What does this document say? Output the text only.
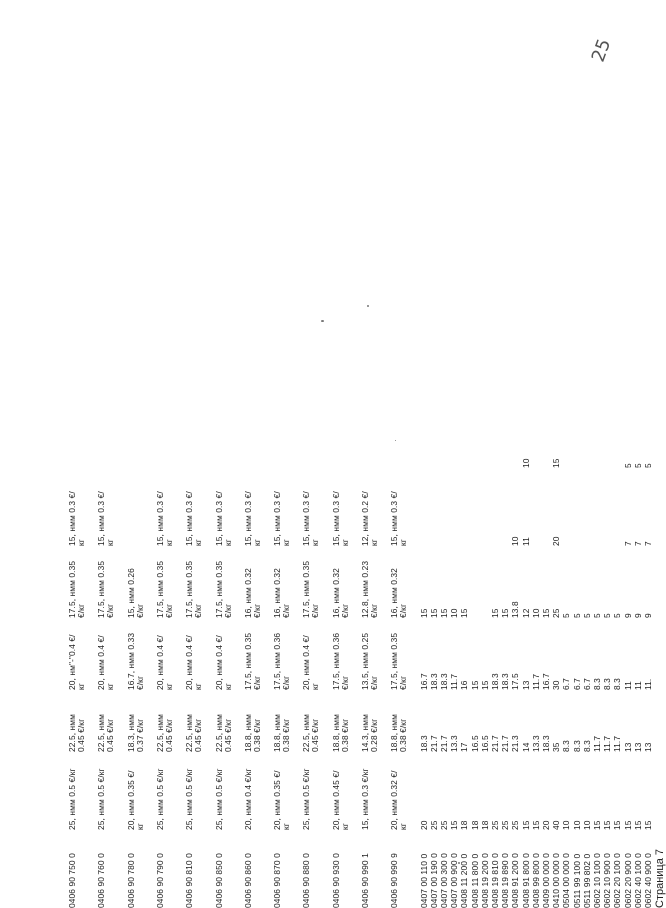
25
0406 90 750 0
25, нмм 0.5 €/кг
22.5, нмм 0.45 €/кг
20, нм"‐"0.4 €/кг
17.5, нмм 0.35 €/кг
15, нмм 0.3 €/кг
0406 90 760 0
25, нмм 0.5 €/кг
22.5, нмм 0.45 €/кг
20, нмм 0.4 €/кг
17.5, нмм 0.35 €/кг
15, нмм 0.3 €/кг
0406 90 780 0
20, нмм 0.35 €/кг
18.3, нмм 0.37 €/кг
16.7, нмм 0.33 €/кг
15, нмм 0.26 €/кг
0406 90 790 0
25, нмм 0.5 €/кг
22.5, нмм 0.45 €/кг
20, нмм 0.4 €/кг
17.5, нмм 0.35 €/кг
15, нмм 0.3 €/кг
0406 90 810 0
25, нмм 0.5 €/кг
22.5, нмм 0.45 €/кг
20, нмм 0.4 €/кг
17.5, нмм 0.35 €/кг
15, нмм 0.3 €/кг
0406 90 850 0
25, нмм 0.5 €/кг
22.5, нмм 0.45 €/кг
20, нмм 0.4 €/кг
17.5, нмм 0.35 €/кг
15, нмм 0.3 €/кг
0406 90 860 0
20, нмм 0.4 €/кг
18.8, нмм 0.38 €/кг
17.5, нмм 0.35 €/кг
16, нмм 0.32 €/кг
15, нмм 0.3 €/кг
0406 90 870 0
20, нмм 0.35 €/кг
18.8, нмм 0.38 €/кг
17.5, нмм 0.36 €/кг
16, нмм 0.32 €/кг
15, нмм 0.3 €/кг
0406 90 880 0
25, нмм 0.5 €/кг
22.5, нмм 0.45 €/кг
20, нмм 0.4 €/кг
17.5, нмм 0.35 €/кг
15, нмм 0.3 €/кг
0406 90 930 0
20, нмм 0.45 €/кг
18.8, нмм 0.38 €/кг
17.5, нмм 0.36 €/кг
16, нмм 0.32 €/кг
15, нмм 0.3 €/кг
0406 90 990 1
15, нмм 0.3 €/кг
14.3, нмм 0.28 €/кг
13.5, нмм 0.25 €/кг
12.8, нмм 0.23 €/кг
12, нмм 0.2 €/кг
0406 90 990 9
20, нмм 0.32 €/кг
18.8, нмм 0.38 €/кг
17.5, нмм 0.35 €/кг
16, нмм 0.32 €/кг
15, нмм 0.3 €/кг
0407 00 110 0
20
18.3
16.7
15
0407 00 190 0
25
21.7
18.3
15
0407 00 300 0
25
21.7
18.3
15
0407 00 900 0
15
13.3
11.7
10
0408 11 200 0
18
17
16
15
0408 11 800 0
18
16.5
15
0408 19 200 0
18
16.5
15
0408 19 810 0
25
21.7
18.3
15
0408 19 890 0
25
21.7
18.3
15
0408 91 200 0
25
21.3
17.5
13.8
10
0408 91 800 0
15
14
13
12
11
10
0408 99 800 0
15
13.3
11.7
10
0409 00 000 0
20
18.3
16.7
15
0410 00 000 0
40
35
30
25
20
15
0504 00 000 0
10
8.3
6.7
5
0511 99 100 0
10
8.3
6.7
5
0511 99 802 0
10
8.3
6.7
5
0602 10 100 0
15
11.7
8.3
5
0602 10 900 0
15
11.7
8.3
5
0602 20 100 0
15
11.7
8.3
5
0602 20 900 0
15
13
11
9
7
5
0602 40 100 0
15
13
11
9
7
5
0602 40 900 0
15
13
11.
9
7
5
Страница 7
